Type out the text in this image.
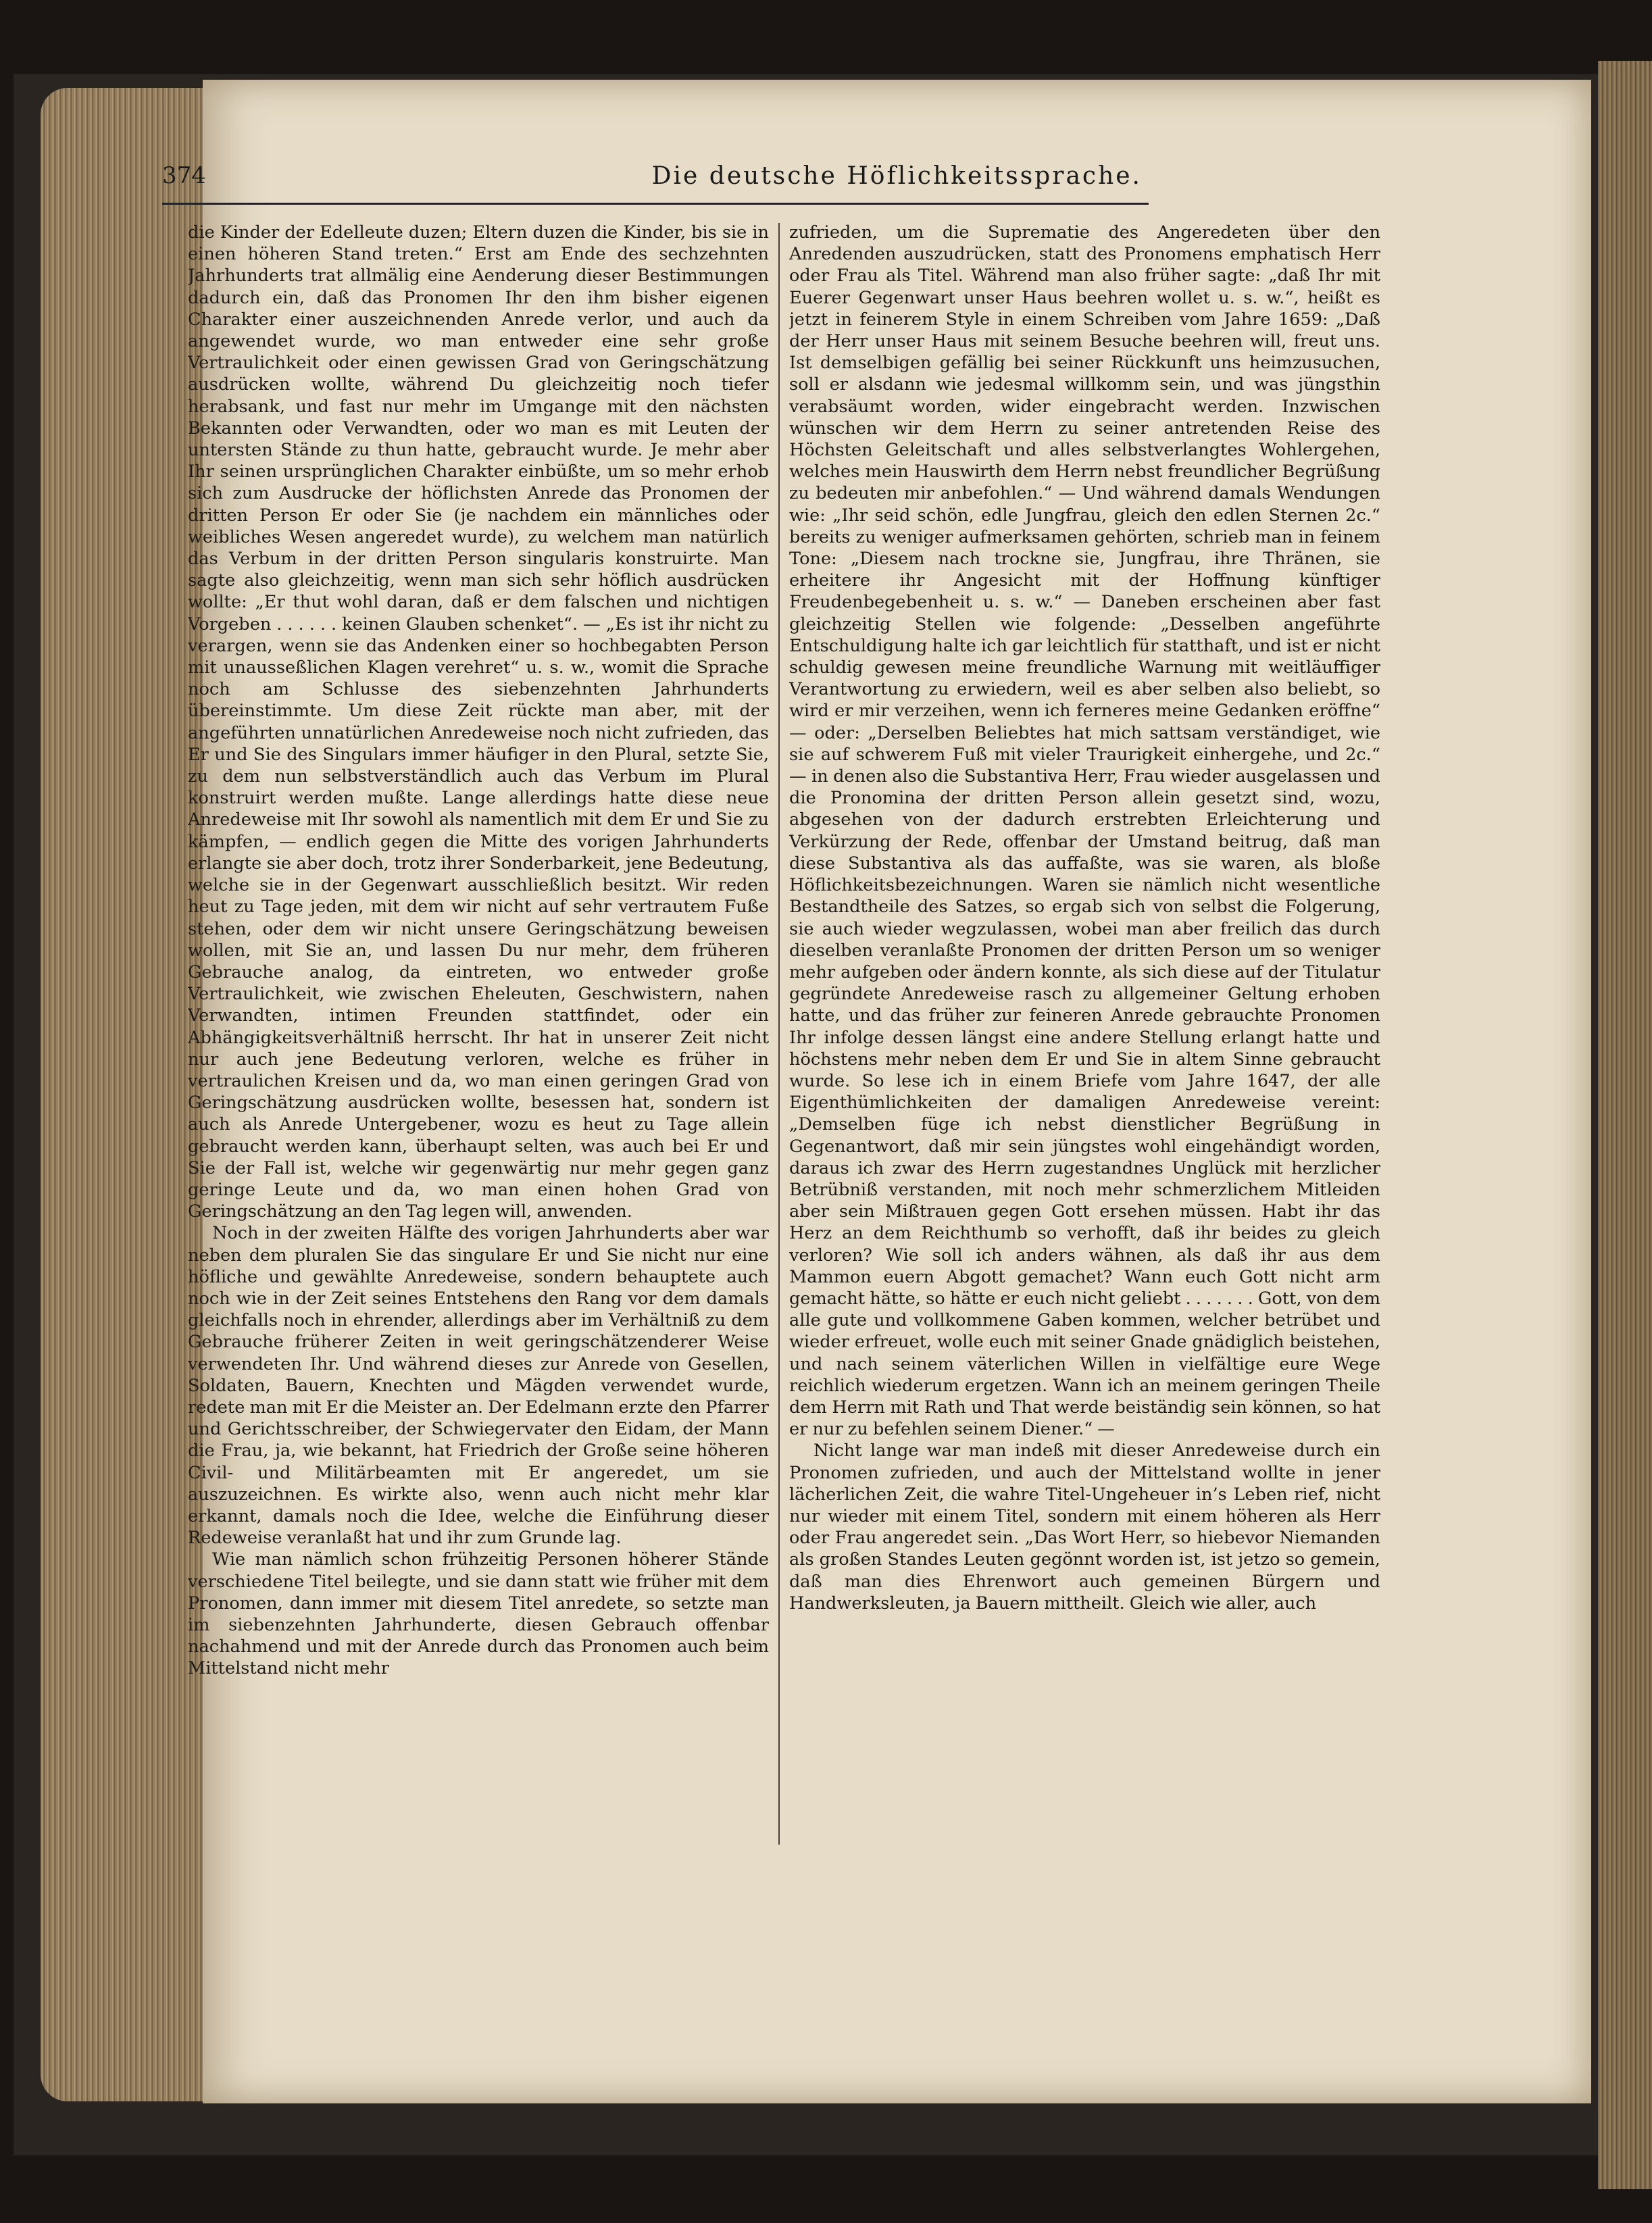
374	Die deutsche Höflichkeitssprache.

die Kinder der Edelleute duzen; Eltern duzen die Kinder, bis sie in einen höheren Stand treten.“ Erst am Ende des sechzehnten Jahrhunderts trat allmälig eine Aenderung dieser Bestimmungen dadurch ein, daß das Pronomen Ihr den ihm bisher eigenen Charakter einer auszeichnenden Anrede verlor, und auch da angewendet wurde, wo man entweder eine sehr große Vertraulichkeit oder einen gewissen Grad von Geringschätzung ausdrücken wollte, während Du gleichzeitig noch tiefer herabsank, und fast nur mehr im Umgange mit den nächsten Bekannten oder Verwandten, oder wo man es mit Leuten der untersten Stände zu thun hatte, gebraucht wurde. Je mehr aber Ihr seinen ursprünglichen Charakter einbüßte, um so mehr erhob sich zum Ausdrucke der höflichsten Anrede das Pronomen der dritten Person Er oder Sie (je nachdem ein männliches oder weibliches Wesen angeredet wurde), zu welchem man natürlich das Verbum in der dritten Person singularis konstruirte. Man sagte also gleichzeitig, wenn man sich sehr höflich ausdrücken wollte: „Er thut wohl daran, daß er dem falschen und nichtigen Vorgeben . . . . . . keinen Glauben schenket“. — „Es ist ihr nicht zu verargen, wenn sie das Andenken einer so hochbegabten Person mit unausseßlichen Klagen verehret“ u. s. w., womit die Sprache noch am Schlusse des siebenzehnten Jahrhunderts übereinstimmte. Um diese Zeit rückte man aber, mit der angeführten unnatürlichen Anredeweise noch nicht zufrieden, das Er und Sie des Singulars immer häufiger in den Plural, setzte Sie, zu dem nun selbstverständlich auch das Verbum im Plural konstruirt werden mußte. Lange allerdings hatte diese neue Anredeweise mit Ihr sowohl als namentlich mit dem Er und Sie zu kämpfen, — endlich gegen die Mitte des vorigen Jahrhunderts erlangte sie aber doch, trotz ihrer Sonderbarkeit, jene Bedeutung, welche sie in der Gegenwart ausschließlich besitzt. Wir reden heut zu Tage jeden, mit dem wir nicht auf sehr vertrautem Fuße stehen, oder dem wir nicht unsere Geringschätzung beweisen wollen, mit Sie an, und lassen Du nur mehr, dem früheren Gebrauche analog, da eintreten, wo entweder große Vertraulichkeit, wie zwischen Eheleuten, Geschwistern, nahen Verwandten, intimen Freunden stattfindet, oder ein Abhängigkeitsverhältniß herrscht. Ihr hat in unserer Zeit nicht nur auch jene Bedeutung verloren, welche es früher in vertraulichen Kreisen und da, wo man einen geringen Grad von Geringschätzung ausdrücken wollte, besessen hat, sondern ist auch als Anrede Untergebener, wozu es heut zu Tage allein gebraucht werden kann, überhaupt selten, was auch bei Er und Sie der Fall ist, welche wir gegenwärtig nur mehr gegen ganz geringe Leute und da, wo man einen hohen Grad von Geringschätzung an den Tag legen will, anwenden.

Noch in der zweiten Hälfte des vorigen Jahrhunderts aber war neben dem pluralen Sie das singulare Er und Sie nicht nur eine höfliche und gewählte Anredeweise, sondern behauptete auch noch wie in der Zeit seines Entstehens den Rang vor dem damals gleichfalls noch in ehrender, allerdings aber im Verhältniß zu dem Gebrauche früherer Zeiten in weit geringschätzenderer Weise verwendeten Ihr. Und während dieses zur Anrede von Gesellen, Soldaten, Bauern, Knechten und Mägden verwendet wurde, redete man mit Er die Meister an. Der Edelmann erzte den Pfarrer und Gerichtsschreiber, der Schwiegervater den Eidam, der Mann die Frau, ja, wie bekannt, hat Friedrich der Große seine höheren Civil- und Militärbeamten mit Er angeredet, um sie auszuzeichnen. Es wirkte also, wenn auch nicht mehr klar erkannt, damals noch die Idee, welche die Einführung dieser Redeweise veranlaßt hat und ihr zum Grunde lag.

Wie man nämlich schon frühzeitig Personen höherer Stände verschiedene Titel beilegte, und sie dann statt wie früher mit dem Pronomen, dann immer mit diesem Titel anredete, so setzte man im siebenzehnten Jahrhunderte, diesen Gebrauch offenbar nachahmend und mit der Anrede durch das Pronomen auch beim Mittelstand nicht mehr

zufrieden, um die Suprematie des Angeredeten über den Anredenden auszudrücken, statt des Pronomens emphatisch Herr oder Frau als Titel. Während man also früher sagte: „daß Ihr mit Euerer Gegenwart unser Haus beehren wollet u. s. w.“, heißt es jetzt in feinerem Style in einem Schreiben vom Jahre 1659: „Daß der Herr unser Haus mit seinem Besuche beehren will, freut uns. Ist demselbigen gefällig bei seiner Rückkunft uns heimzusuchen, soll er alsdann wie jedesmal willkomm sein, und was jüngsthin verabsäumt worden, wider eingebracht werden. Inzwischen wünschen wir dem Herrn zu seiner antretenden Reise des Höchsten Geleitschaft und alles selbstverlangtes Wohlergehen, welches mein Hauswirth dem Herrn nebst freundlicher Begrüßung zu bedeuten mir anbefohlen.“ — Und während damals Wendungen wie: „Ihr seid schön, edle Jungfrau, gleich den edlen Sternen 2c.“ bereits zu weniger aufmerksamen gehörten, schrieb man in feinem Tone: „Diesem nach trockne sie, Jungfrau, ihre Thränen, sie erheitere ihr Angesicht mit der Hoffnung künftiger Freudenbegebenheit u. s. w.“ — Daneben erscheinen aber fast gleichzeitig Stellen wie folgende: „Desselben angeführte Entschuldigung halte ich gar leichtlich für statthaft, und ist er nicht schuldig gewesen meine freundliche Warnung mit weitläuffiger Verantwortung zu erwiedern, weil es aber selben also beliebt, so wird er mir verzeihen, wenn ich ferneres meine Gedanken eröffne“ — oder: „Derselben Beliebtes hat mich sattsam verständiget, wie sie auf schwerem Fuß mit vieler Traurigkeit einhergehe, und 2c.“ — in denen also die Substantiva Herr, Frau wieder ausgelassen und die Pronomina der dritten Person allein gesetzt sind, wozu, abgesehen von der dadurch erstrebten Erleichterung und Verkürzung der Rede, offenbar der Umstand beitrug, daß man diese Substantiva als das auffaßte, was sie waren, als bloße Höflichkeitsbezeichnungen. Waren sie nämlich nicht wesentliche Bestandtheile des Satzes, so ergab sich von selbst die Folgerung, sie auch wieder wegzulassen, wobei man aber freilich das durch dieselben veranlaßte Pronomen der dritten Person um so weniger mehr aufgeben oder ändern konnte, als sich diese auf der Titulatur gegründete Anredeweise rasch zu allgemeiner Geltung erhoben hatte, und das früher zur feineren Anrede gebrauchte Pronomen Ihr infolge dessen längst eine andere Stellung erlangt hatte und höchstens mehr neben dem Er und Sie in altem Sinne gebraucht wurde. So lese ich in einem Briefe vom Jahre 1647, der alle Eigenthümlichkeiten der damaligen Anredeweise vereint: „Demselben füge ich nebst dienstlicher Begrüßung in Gegenantwort, daß mir sein jüngstes wohl eingehändigt worden, daraus ich zwar des Herrn zugestandnes Unglück mit herzlicher Betrübniß verstanden, mit noch mehr schmerzlichem Mitleiden aber sein Mißtrauen gegen Gott ersehen müssen. Habt ihr das Herz an dem Reichthumb so verhofft, daß ihr beides zu gleich verloren? Wie soll ich anders wähnen, als daß ihr aus dem Mammon euern Abgott gemachet? Wann euch Gott nicht arm gemacht hätte, so hätte er euch nicht geliebt . . . . . . . Gott, von dem alle gute und vollkommene Gaben kommen, welcher betrübet und wieder erfreuet, wolle euch mit seiner Gnade gnädiglich beistehen, und nach seinem väterlichen Willen in vielfältige eure Wege reichlich wiederum ergetzen. Wann ich an meinem geringen Theile dem Herrn mit Rath und That werde beiständig sein können, so hat er nur zu befehlen seinem Diener.“ —

Nicht lange war man indeß mit dieser Anredeweise durch ein Pronomen zufrieden, und auch der Mittelstand wollte in jener lächerlichen Zeit, die wahre Titel-Ungeheuer in’s Leben rief, nicht nur wieder mit einem Titel, sondern mit einem höheren als Herr oder Frau angeredet sein. „Das Wort Herr, so hiebevor Niemanden als großen Standes Leuten gegönnt worden ist, ist jetzo so gemein, daß man dies Ehrenwort auch gemeinen Bürgern und Handwerksleuten, ja Bauern mittheilt. Gleich wie aller, auch
